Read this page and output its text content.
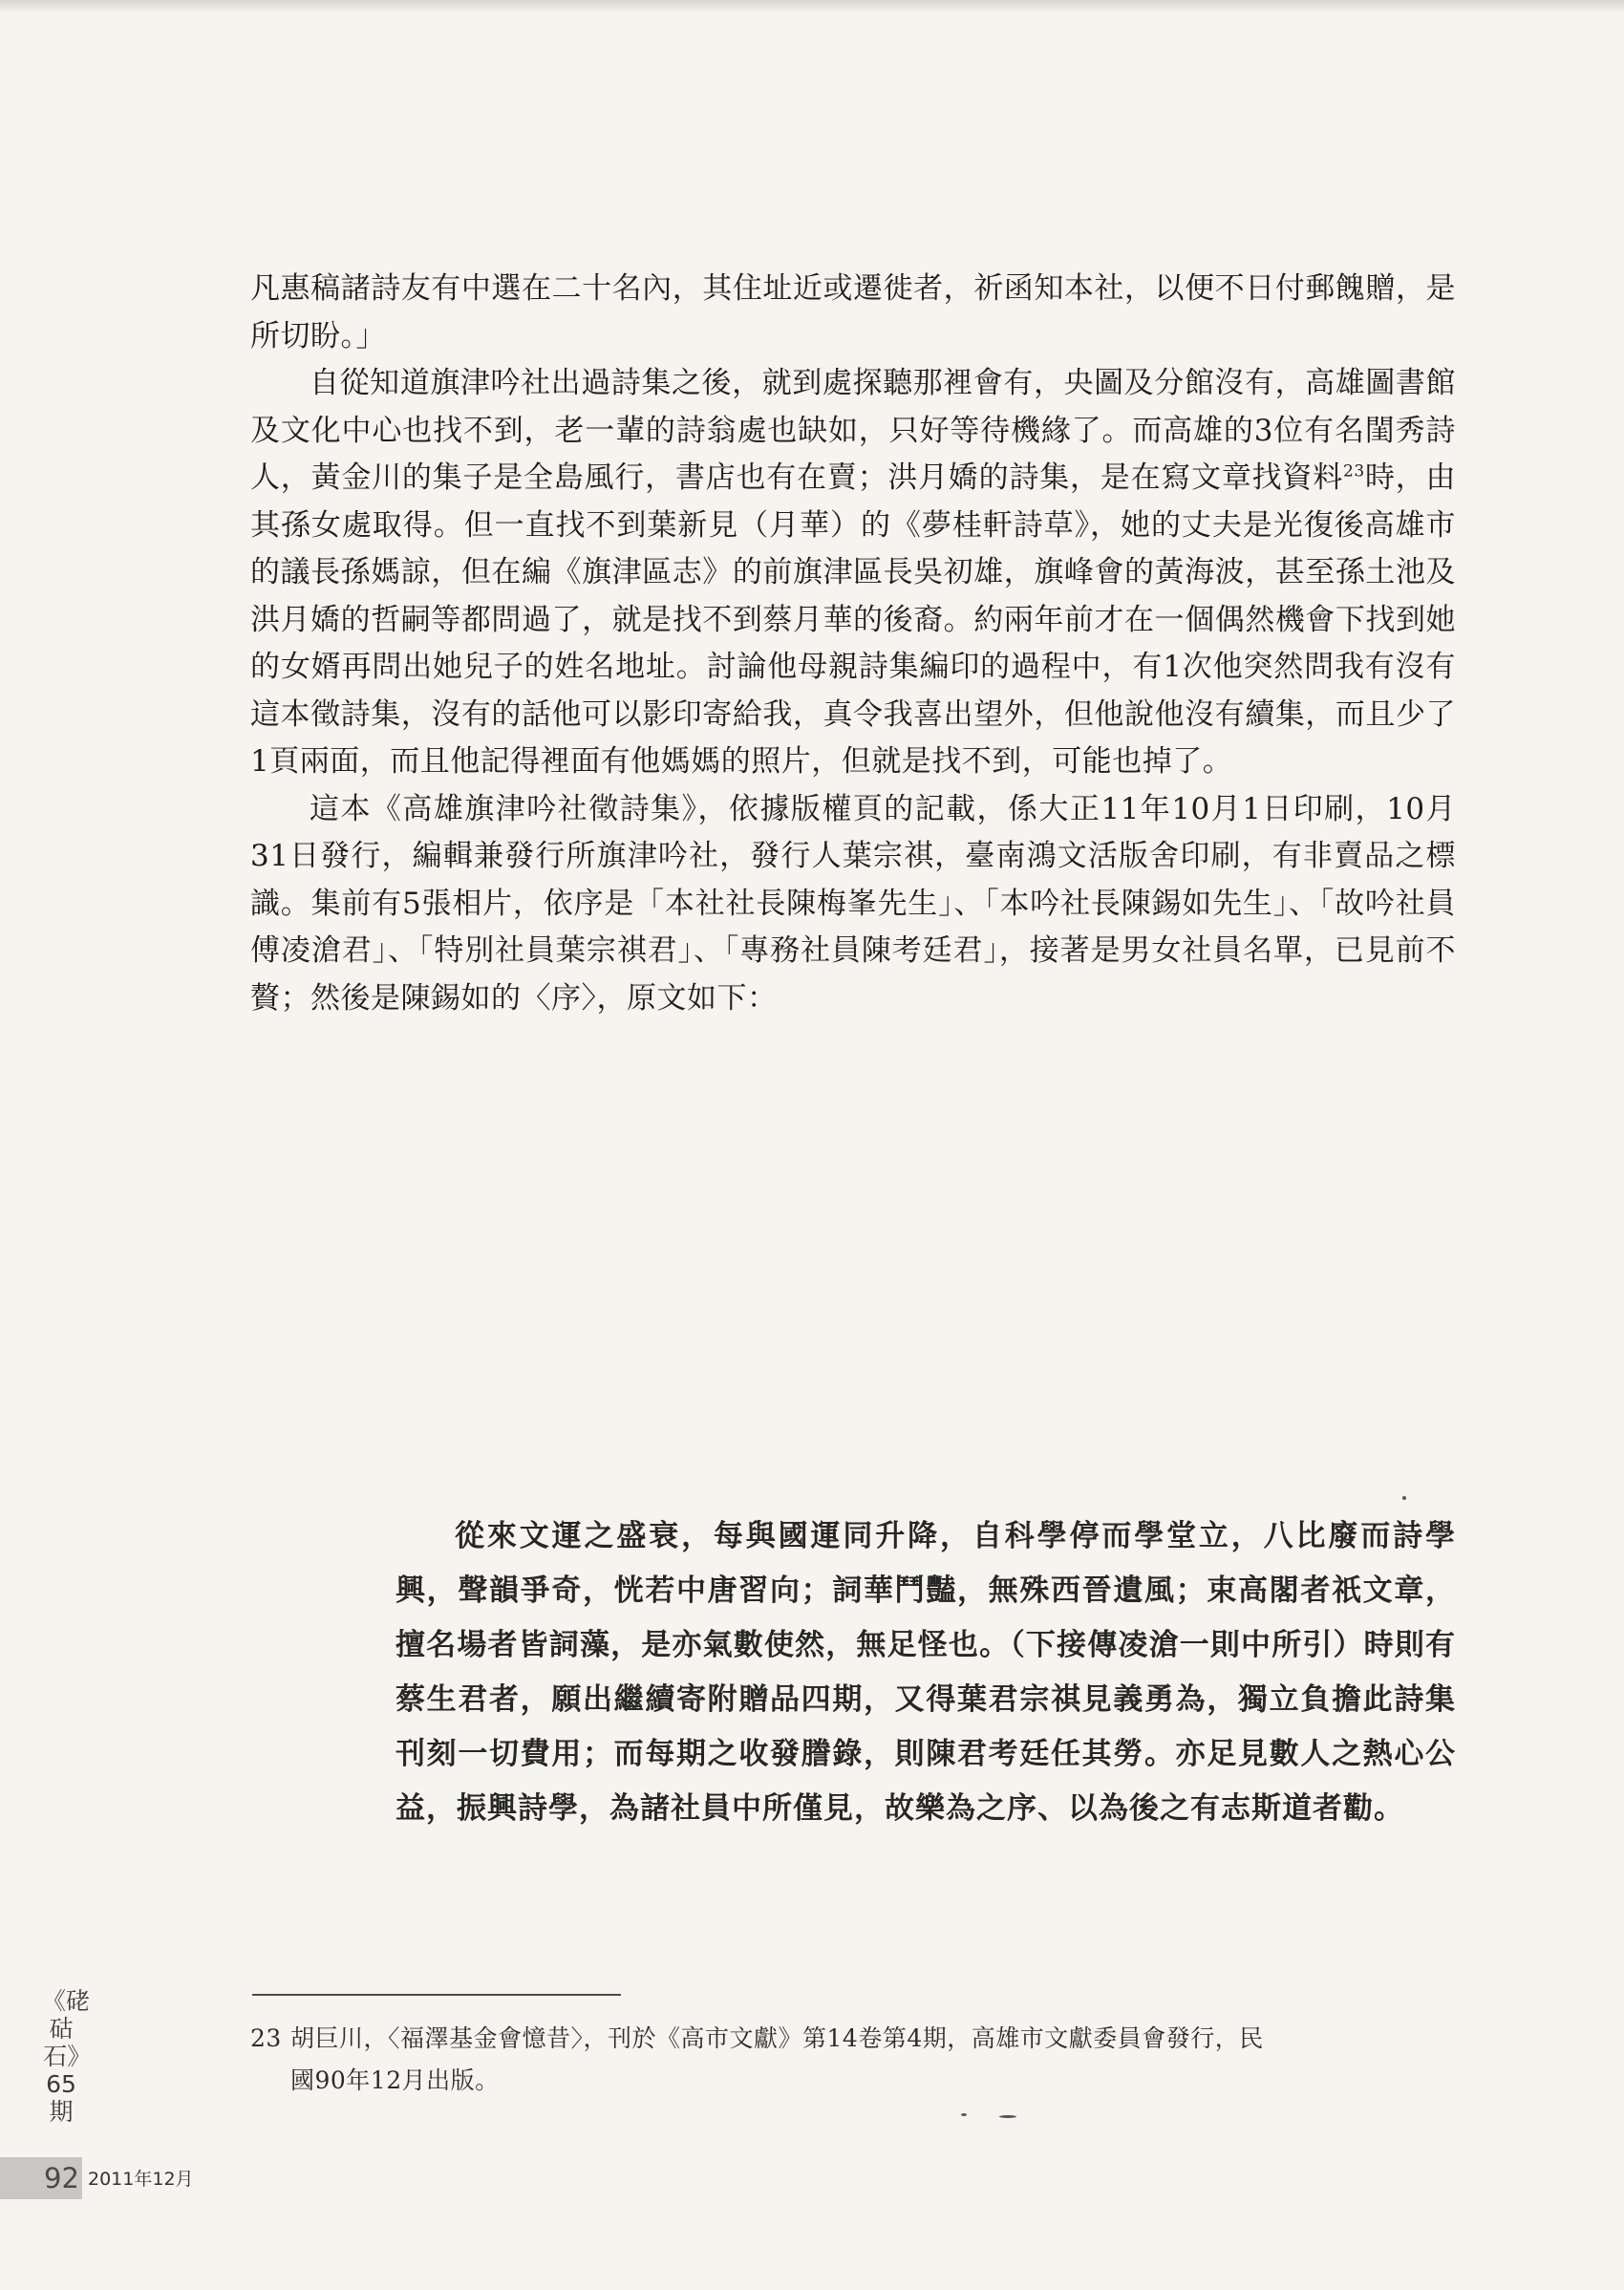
凡惠稿諸詩友有中選在二十名內，其住址近或遷徙者，祈函知本社，以便不日付郵餽贈，是所切盼。」

自從知道旗津吟社出過詩集之後，就到處探聽那裡會有，央圖及分館沒有，高雄圖書館及文化中心也找不到，老一輩的詩翁處也缺如，只好等待機緣了。而高雄的3位有名閨秀詩人，黃金川的集子是全島風行，書店也有在賣；洪月嬌的詩集，是在寫文章找資料$^{23}$時，由其孫女處取得。但一直找不到葉新見（月華）的《夢桂軒詩草》，她的丈夫是光復後高雄市的議長孫媽諒，但在編《旗津區志》的前旗津區長吳初雄，旗峰會的黃海波，甚至孫土池及洪月嬌的哲嗣等都問過了，就是找不到蔡月華的後裔。約兩年前才在一個偶然機會下找到她的女婿再問出她兒子的姓名地址。討論他母親詩集編印的過程中，有1次他突然問我有沒有這本徵詩集，沒有的話他可以影印寄給我，真令我喜出望外，但他說他沒有續集，而且少了1頁兩面，而且他記得裡面有他媽媽的照片，但就是找不到，可能也掉了。

這本《高雄旗津吟社徵詩集》，依據版權頁的記載，係大正11年10月1日印刷，10月31日發行，編輯兼發行所旗津吟社，發行人葉宗祺，臺南鴻文活版舍印刷，有非賣品之標識。集前有5張相片，依序是「本社社長陳梅峯先生」、「本吟社長陳錫如先生」、「故吟社員傅凌滄君」、「特別社員葉宗祺君」、「專務社員陳考廷君」，接著是男女社員名單，已見前不贅；然後是陳錫如的〈序〉，原文如下：

從來文運之盛衰，每與國運同升降，自科學停而學堂立，八比廢而詩學興，聲韻爭奇，恍若中唐習向；詞華鬥豔，無殊西晉遺風；束高閣者祇文章，擅名場者皆詞藻，是亦氣數使然，無足怪也。（下接傳凌滄一則中所引）時則有蔡生君者，願出繼續寄附贈品四期，又得葉君宗祺見義勇為，獨立負擔此詩集刊刻一切費用；而每期之收發謄錄，則陳君考廷任其勞。亦足見數人之熱心公益，振興詩學，為諸社員中所僅見，故樂為之序、以為後之有志斯道者勸。

23 胡巨川，〈福澤基金會憶昔〉，刊於《高市文獻》第14卷第4期，高雄市文獻委員會發行，民
國90年12月出版。
《硓𥑮石》65期
92 2011年12月
